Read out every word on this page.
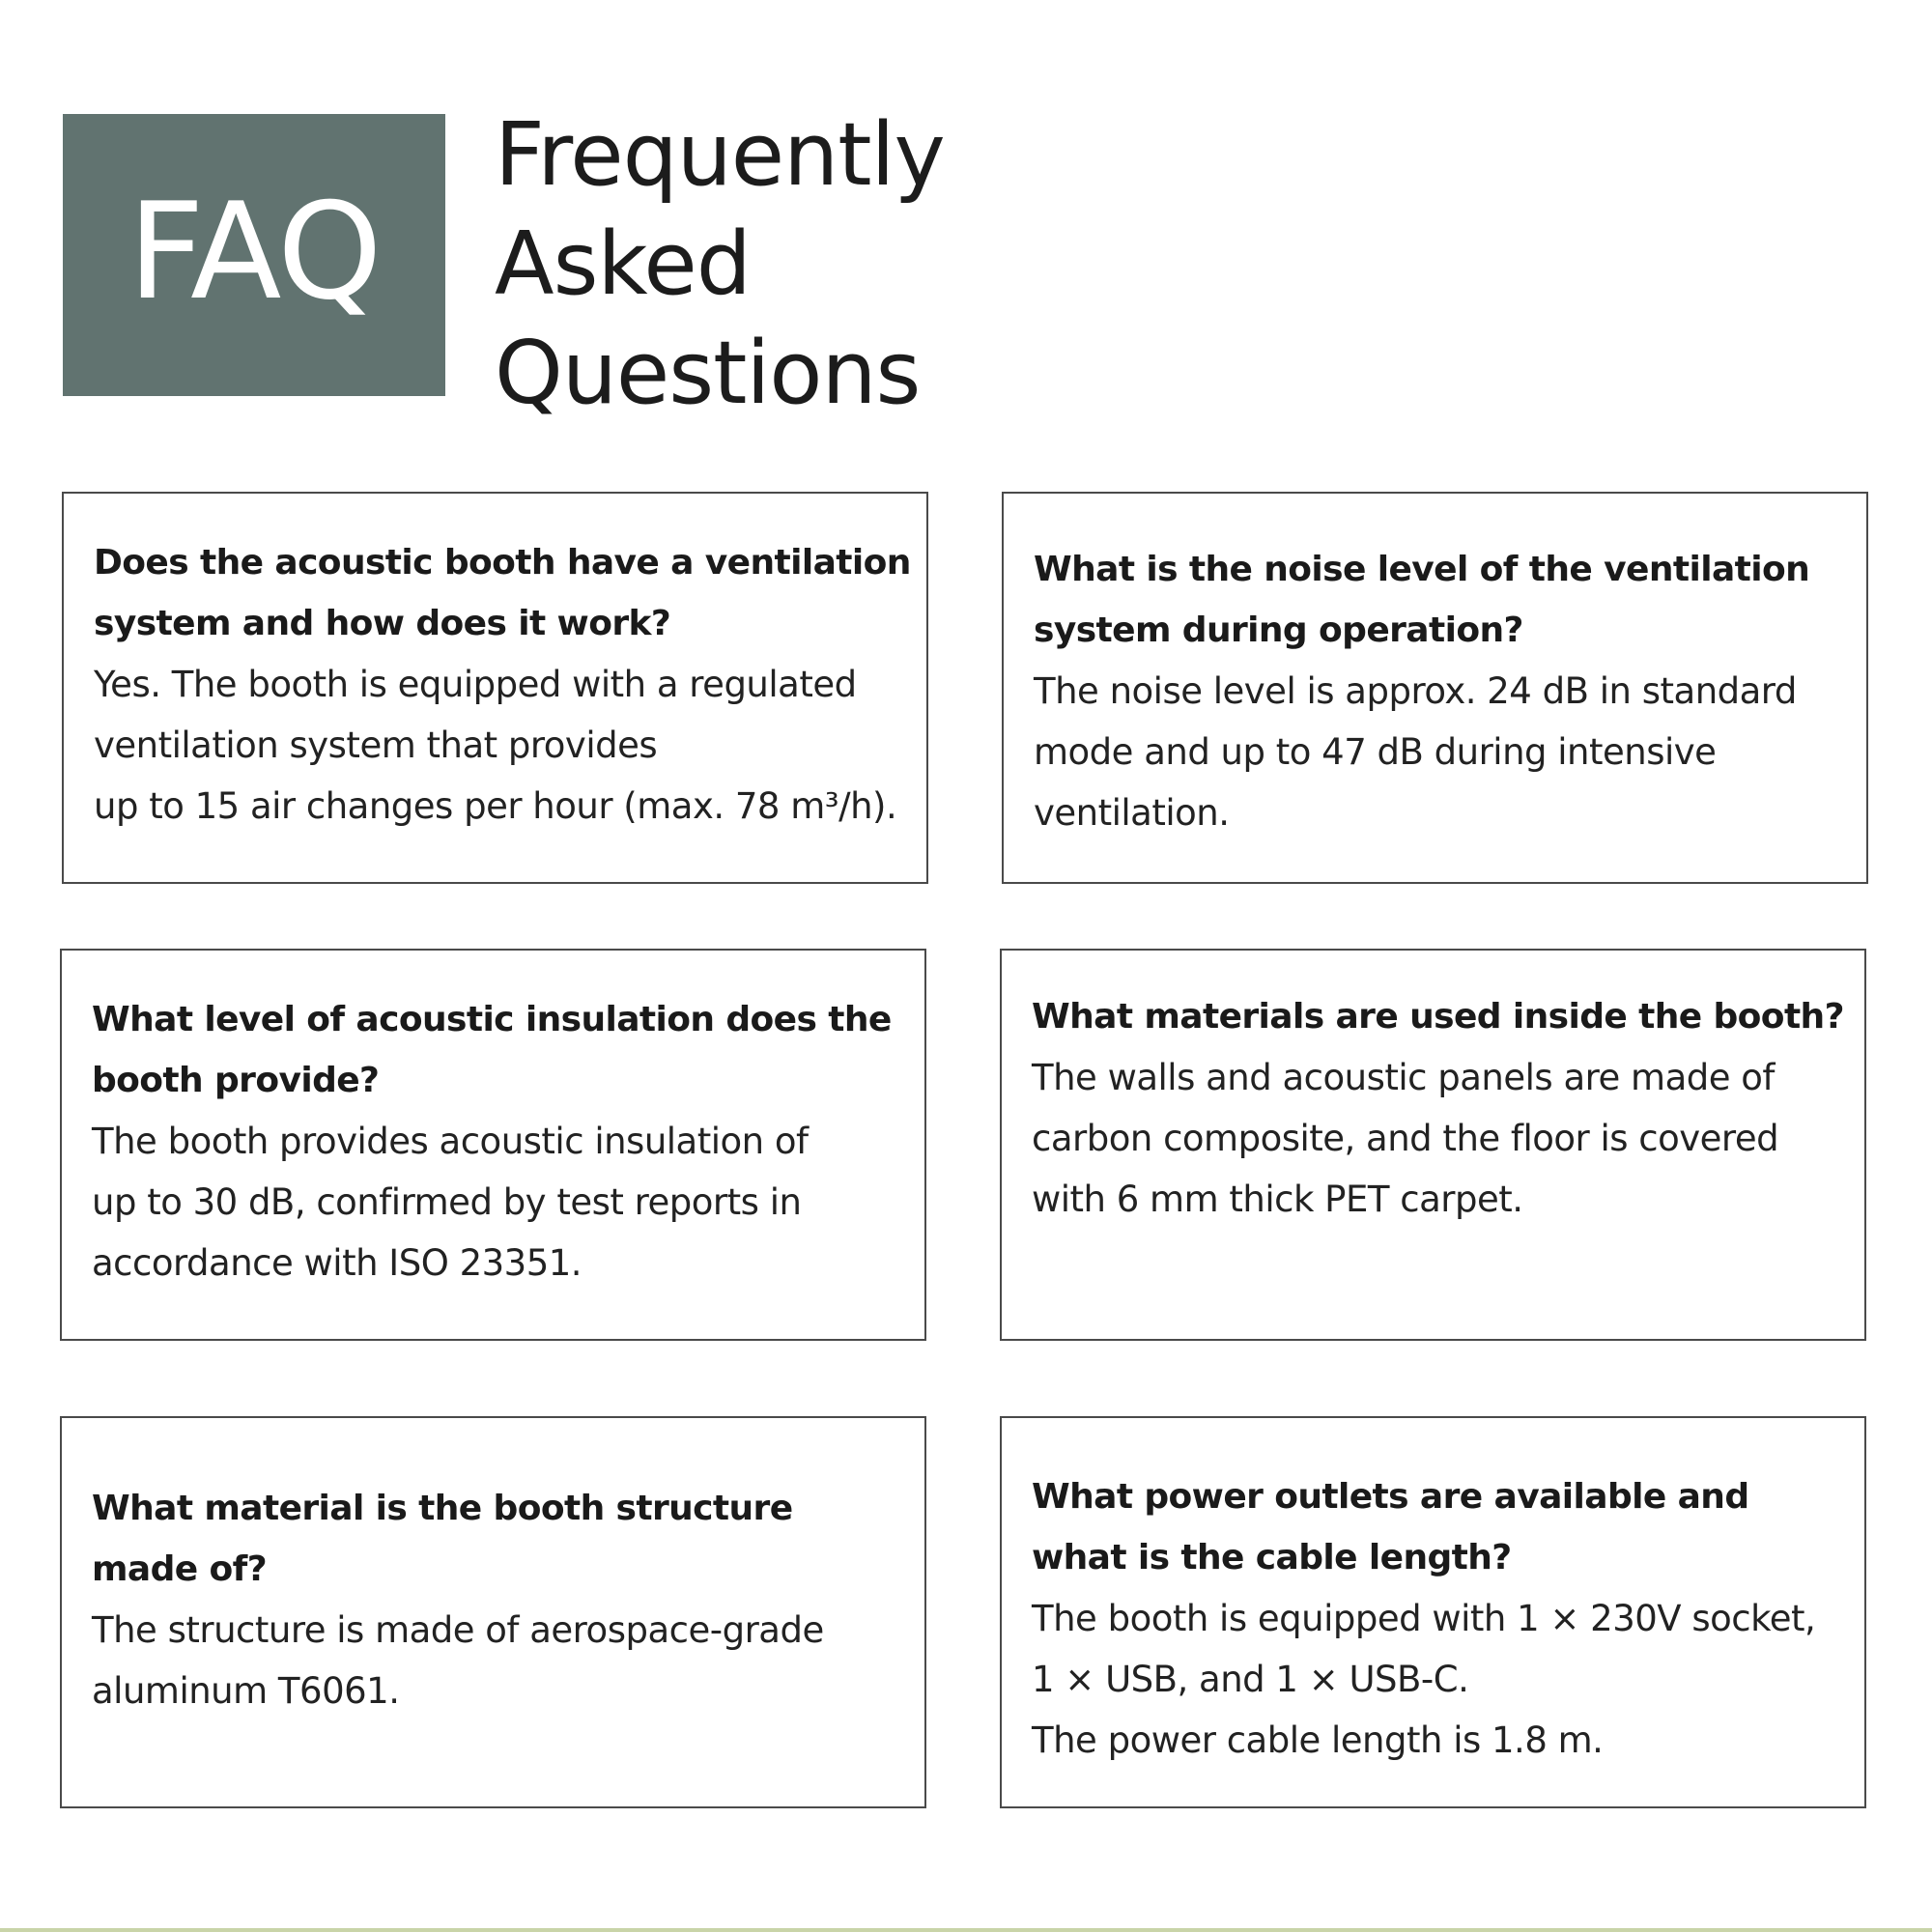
FAQ
Frequently
Asked
Questions
Does the acoustic booth have a ventilation
system and how does it work?
Yes. The booth is equipped with a regulated
ventilation system that provides
up to 15 air changes per hour (max. 78 m³/h).
What is the noise level of the ventilation
system during operation?
The noise level is approx. 24 dB in standard
mode and up to 47 dB during intensive
ventilation.
What level of acoustic insulation does the
booth provide?
The booth provides acoustic insulation of
up to 30 dB, confirmed by test reports in
accordance with ISO 23351.
What materials are used inside the booth?
The walls and acoustic panels are made of
carbon composite, and the floor is covered
with 6 mm thick PET carpet.
What material is the booth structure
made of?
The structure is made of aerospace-grade
aluminum T6061.
What power outlets are available and
what is the cable length?
The booth is equipped with 1 × 230V socket,
1 × USB, and 1 × USB-C.
The power cable length is 1.8 m.
